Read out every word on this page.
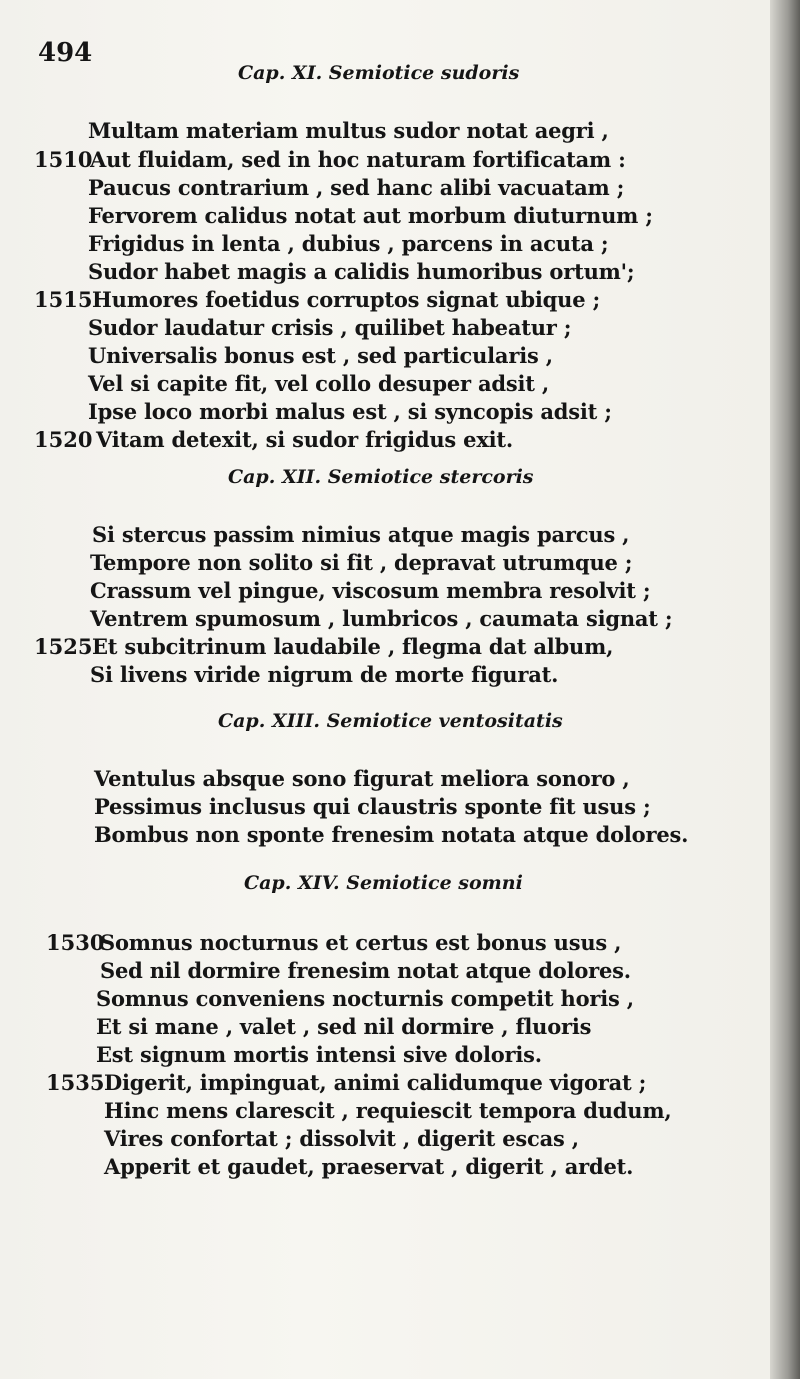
494
Cap. XI. Semiotice sudoris
Multam materiam multus sudor notat aegri ,
1510
Aut fluidam, sed in hoc naturam fortificatam :
Paucus contrarium , sed hanc alibi vacuatam ;
Fervorem calidus notat aut morbum diuturnum ;
Frigidus in lenta , dubius , parcens in acuta ;
Sudor habet magis a calidis humoribus ortum';
1515 Humores foetidus corruptos signat ubique ;
Sudor laudatur crisis , quilibet habeatur ;
Universalis bonus est , sed particularis ,
Vel si capite fit, vel collo desuper adsit ,
Ipse loco morbi malus est , si syncopis adsit ;
1520 Vitam detexit, si sudor frigidus exit.
Cap. XII. Semiotice stercoris
Si stercus passim nimius atque magis parcus ,
Tempore non solito si fit , depravat utrumque ;
Crassum vel pingue, viscosum membra resolvit ;
Ventrem spumosum , lumbricos , caumata signat ;
1525 Et subcitrinum laudabile , flegma dat album,
Si livens viride nigrum de morte figurat.
Cap. XIII. Semiotice ventositatis
Ventulus absque sono figurat meliora sonoro ,
Pessimus inclusus qui claustris sponte fit usus ;
Bombus non sponte frenesim notata atque dolores.
Cap. XIV. Semiotice somni
1530
Somnus nocturnus et certus est bonus usus ,
Sed nil dormire frenesim notat atque dolores.
Somnus conveniens nocturnis competit horis ,
Et si mane , valet , sed nil dormire , fluoris
Est signum mortis intensi sive doloris.
1535 Digerit, impinguat, animi calidumque vigorat ;
Hinc mens clarescit , requiescit tempora dudum,
Vires confortat ; dissolvit , digerit escas ,
Apperit et gaudet, praeservat , digerit , ardet.
